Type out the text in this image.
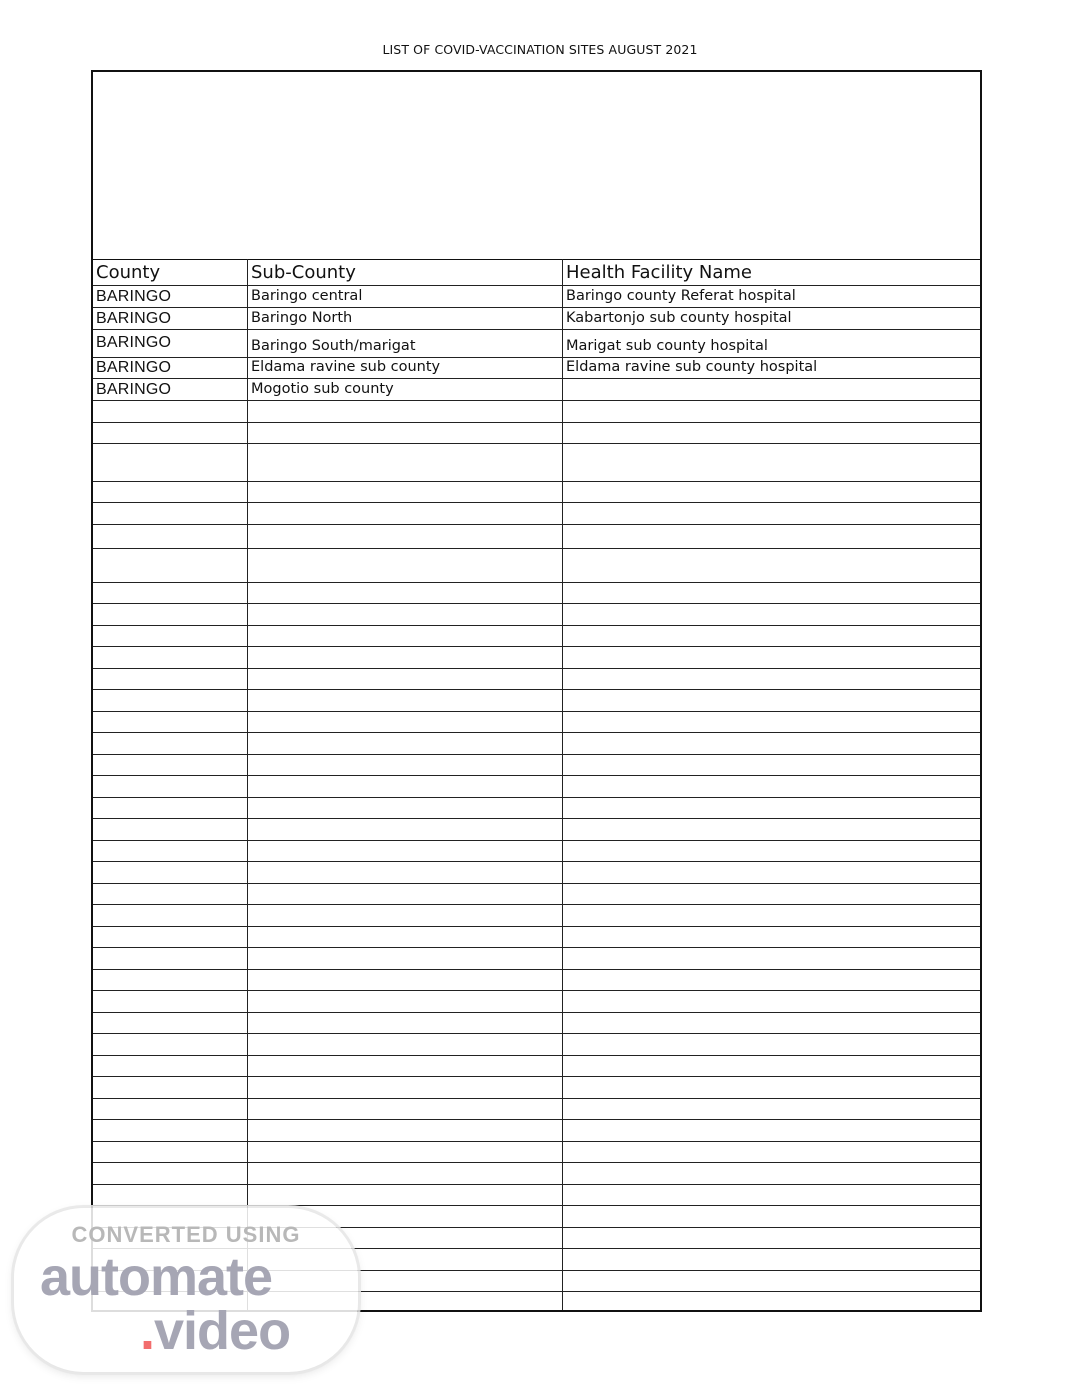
LIST OF COVID-VACCINATION SITES AUGUST 2021
County	Sub-County	Health Facility Name
BARINGO	Baringo central	Baringo county Referat hospital
BARINGO	Baringo North	Kabartonjo sub county hospital
BARINGO	Baringo South/marigat	Marigat sub county hospital
BARINGO	Eldama ravine sub county	Eldama ravine sub county hospital
BARINGO	Mogotio sub county
CONVERTED USING
automate
.video
